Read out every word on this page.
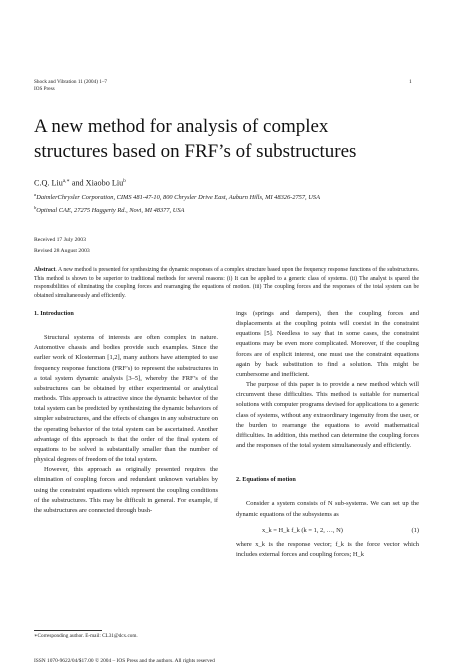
Shock and Vibration 11 (2004) 1–7
IOS Press
1
A new method for analysis of complex
structures based on FRF’s of substructures
C.Q. Liu$^{a,∗}$ and Xiaobo Liu$^b$
$^a$DaimlerChrysler Corporation, CIMS 481-47-10, 800 Chrysler Drive East, Auburn Hills, MI 48326-2757, USA
$^b$Optimal CAE, 27275 Haggerty Rd., Novi, MI 48377, USA
Received 17 July 2003
Revised 28 August 2003
Abstract. A new method is presented for synthesizing the dynamic responses of a complex structure based upon the frequency response functions of the substructures. This method is shown to be superior to traditional methods for several reasons: (i) It can be applied to a generic class of systems. (ii) The analyst is spared the responsibilities of eliminating the coupling forces and rearranging the equations of motion. (iii) The coupling forces and the responses of the total system can be obtained simultaneously and efficiently.
1. Introduction

Structural systems of interests are often complex in nature. Automotive chassis and bodies provide such examples. Since the earlier work of Klosterman [1,2], many authors have attempted to use frequency response functions (FRF’s) to represent the substructures in a total system dynamic analysis [3–5], whereby the FRF’s of the substructures can be obtained by either experimental or analytical methods. This approach is attractive since the dynamic behavior of the total system can be predicted by synthesizing the dynamic behaviors of simpler substructures, and the effects of changes in any substructure on the operating behavior of the total system can be ascertained. Another advantage of this approach is that the order of the final system of equations to be solved is substantially smaller than the number of physical degrees of freedom of the total system.

However, this approach as originally presented requires the elimination of coupling forces and redundant unknown variables by using the constraint equations which represent the coupling conditions of the substructures. This may be difficult in general. For example, if the substructures are connected through bush-

ings (springs and dampers), then the coupling forces and displacements at the coupling points will coexist in the constraint equations [5]. Needless to say that in some cases, the constraint equations may be even more complicated. Moreover, if the coupling forces are of explicit interest, one must use the constraint equations again by back substitution to find a solution. This might be cumbersome and inefficient.

The purpose of this paper is to provide a new method which will circumvent these difficulties. This method is suitable for numerical solutions with computer programs devised for applications to a generic class of systems, without any extraordinary ingenuity from the user, or the burden to rearrange the equations to avoid mathematical difficulties. In addition, this method can determine the coupling forces and the responses of the total system simultaneously and efficiently.

2. Equations of motion

Consider a system consists of N sub-systems. We can set up the dynamic equations of the subsystems as

x_k = H_k f_k (k = 1, 2, …, N)	(1)

where x_k is the response vector; f_k is the force vector which includes external forces and coupling forces; H_k

∗Corresponding author. E-mail: CL31@dcx.com.
ISSN 1070-9622/04/$17.00 © 2004 – IOS Press and the authors. All rights reserved
